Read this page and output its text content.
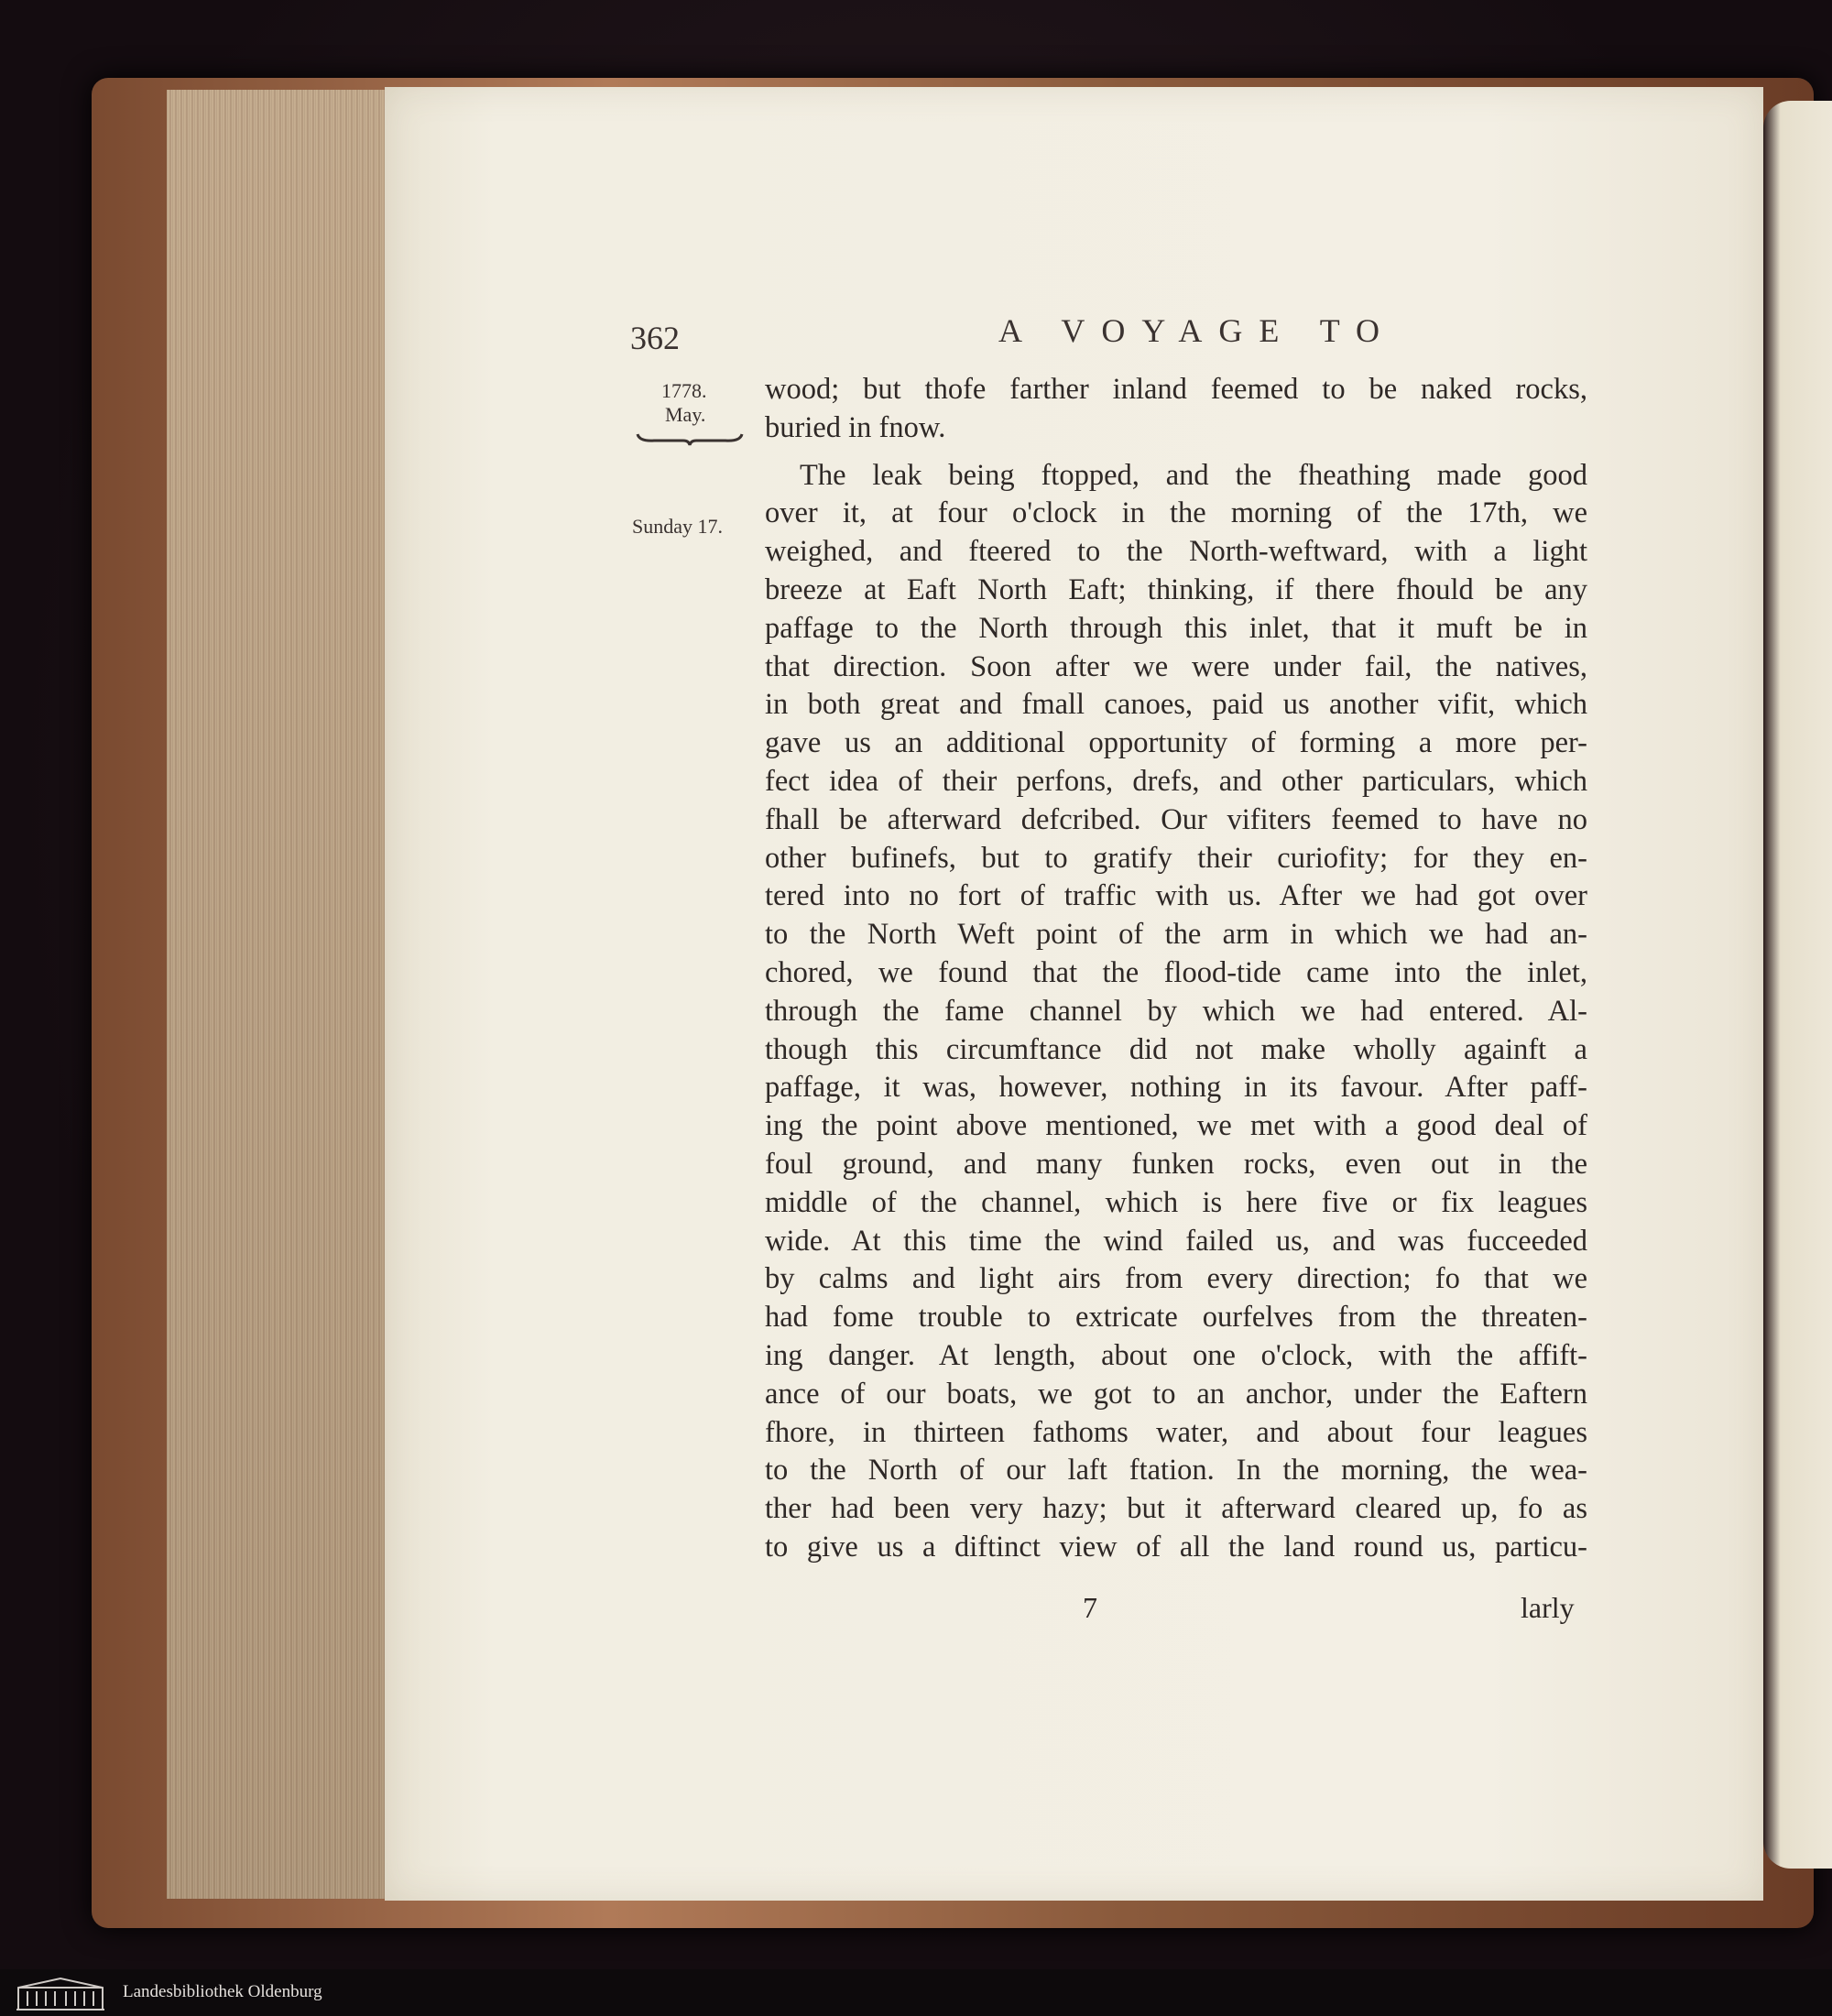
362	A VOYAGE TO
1778.
May.
Sunday 17.
wood; but thofe farther inland feemed to be naked rocks,
buried in fnow.
The leak being ftopped, and the fheathing made good
over it, at four o'clock in the morning of the 17th, we
weighed, and fteered to the North-weftward, with a light
breeze at Eaft North Eaft; thinking, if there fhould be any
paffage to the North through this inlet, that it muft be in
that direction. Soon after we were under fail, the natives,
in both great and fmall canoes, paid us another vifit, which
gave us an additional opportunity of forming a more per-
fect idea of their perfons, drefs, and other particulars, which
fhall be afterward defcribed. Our vifiters feemed to have no
other bufinefs, but to gratify their curiofity; for they en-
tered into no fort of traffic with us. After we had got over
to the North Weft point of the arm in which we had an-
chored, we found that the flood-tide came into the inlet,
through the fame channel by which we had entered. Al-
though this circumftance did not make wholly againft a
paffage, it was, however, nothing in its favour. After paff-
ing the point above mentioned, we met with a good deal of
foul ground, and many funken rocks, even out in the
middle of the channel, which is here five or fix leagues
wide. At this time the wind failed us, and was fucceeded
by calms and light airs from every direction; fo that we
had fome trouble to extricate ourfelves from the threaten-
ing danger. At length, about one o'clock, with the affift-
ance of our boats, we got to an anchor, under the Eaftern
fhore, in thirteen fathoms water, and about four leagues
to the North of our laft ftation. In the morning, the wea-
ther had been very hazy; but it afterward cleared up, fo as
to give us a diftinct view of all the land round us, particu-
7	larly
Landesbibliothek Oldenburg
